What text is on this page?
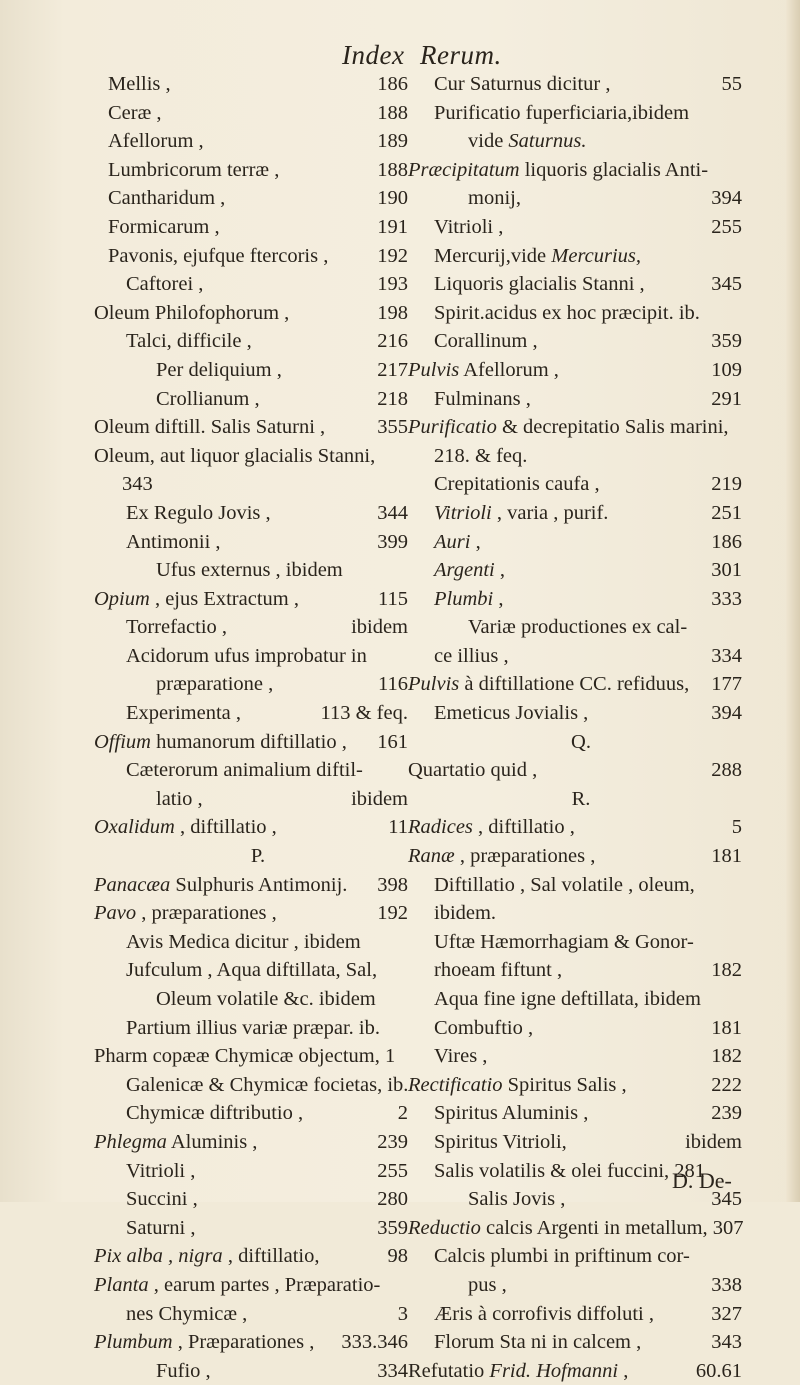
Index Rerum.
Mellis ,	186
Ceræ ,	188
Afellorum ,	189
Lumbricorum terræ ,	188
Cantharidum ,	190
Formicarum ,	191
Pavonis, ejufque ftercoris , 192
Caftorei ,	193
Oleum Philofophorum ,	198
Talci, difficile ,	216
Per deliquium ,	217
Crollianum ,	218
Oleum diftill. Salis Saturni ,	355
Oleum, aut liquor glacialis Stanni,
343
Ex Regulo Jovis ,	344
Antimonii ,	399
Ufus externus , ibidem
Opium , ejus Extractum ,	115
Torrefactio ,	ibidem
Acidorum ufus improbatur in
præparatione ,	116
Experimenta ,	113 & feq.
Offium humanorum diftillatio , 161
Cæterorum animalium diftil-
latio ,	ibidem
Oxalidum , diftillatio ,	11
P.
Panacæa Sulphuris Antimonij. 398
Pavo , præparationes ,	192
Avis Medica dicitur , ibidem
Jufculum , Aqua diftillata, Sal,
Oleum volatile &c. ibidem
Partium illius variæ præpar. ib.
Pharm copææ Chymicæ objectum, 1
Galenicæ & Chymicæ focietas, ib.
Chymicæ diftributio ,	2
Phlegma Aluminis ,	239
Vitrioli ,	255
Succini ,	280
Saturni ,	359
Pix alba , nigra , diftillatio,	98
Planta , earum partes , Præparatio-
nes Chymicæ ,	3
Plumbum , Præparationes , 333.346
Fufio ,	334
Cur Saturnus dicitur ,	55
Purificatio fuperficiaria,ibidem
vide Saturnus.
Præcipitatum liquoris glacialis Anti-
monij,	394
Vitrioli ,	255
Mercurij,vide Mercurius,
Liquoris glacialis Stanni ,	345
Spirit.acidus ex hoc præcipit. ib.
Corallinum ,	359
Pulvis Afellorum ,	109
Fulminans ,	291
Purificatio & decrepitatio Salis marini,
218. & feq.
Crepitationis caufa ,	219
Vitrioli , varia , purif.	251
Auri ,	186
Argenti ,	301
Plumbi ,	333
Variæ productiones ex cal-
ce illius ,	334
Pulvis à diftillatione CC. refiduus, 177
Emeticus Jovialis ,	394
Q.
Quartatio quid ,	288
R.
Radices , diftillatio ,	5
Ranæ , præparationes ,	181
Diftillatio , Sal volatile , oleum,
ibidem.
Uftæ Hæmorrhagiam & Gonor-
rhoeam fiftunt ,	182
Aqua fine igne deftillata, ibidem
Combuftio ,	181
Vires ,	182
Rectificatio Spiritus Salis ,	222
Spiritus Aluminis ,	239
Spiritus Vitrioli,	ibidem
Salis volatilis & olei fuccini, 281
Salis Jovis ,	345
Reductio calcis Argenti in metallum, 307
Calcis plumbi in priftinum cor-
pus ,	338
Æris à corrofivis diffoluti ,	327
Florum Sta ni in calcem ,	343
Refutatio Frid. Hofmanni ,	60.61
D. De-
